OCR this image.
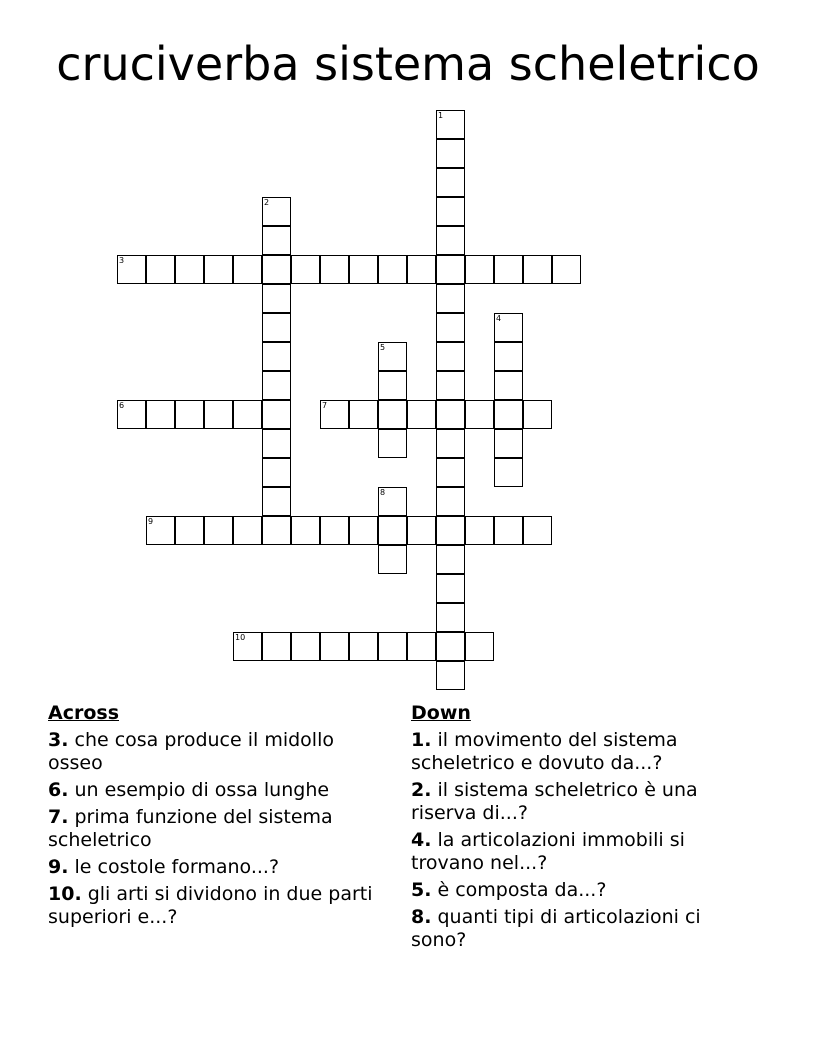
cruciverba sistema scheletrico
1
2
3
4
5
6	7
8
9
10
Across
3. che cosa produce il midollo osseo
6. un esempio di ossa lunghe
7. prima funzione del sistema scheletrico
9. le costole formano...?
10. gli arti si dividono in due parti superiori e...?
Down
1. il movimento del sistema scheletrico e dovuto da...?
2. il sistema scheletrico è una riserva di...?
4. la articolazioni immobili si trovano nel...?
5. è composta da...?
8. quanti tipi di articolazioni ci sono?
